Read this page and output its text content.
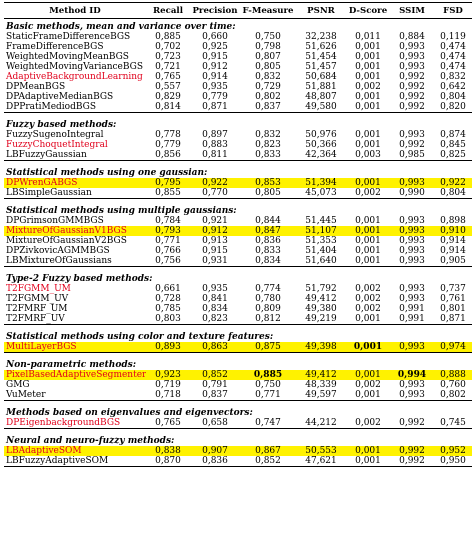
Method ID	Recall	Precision	F-Measure	PSNR	D-Score	SSIM	FSD
Basic methods, mean and variance over time:							
StaticFrameDifferenceBGS	0,885	0,660	0,750	32,238	0,011	0,884	0,119
FrameDifferenceBGS	0,702	0,925	0,798	51,626	0,001	0,993	0,474
WeightedMovingMeanBGS	0,723	0,915	0,807	51,454	0,001	0,993	0,474
WeightedMovingVarianceBGS	0,721	0,912	0,805	51,457	0,001	0,993	0,474
AdaptiveBackgroundLearning	0,765	0,914	0,832	50,684	0,001	0,992	0,832
DPMeanBGS	0,557	0,935	0,729	51,881	0,002	0,992	0,642
DPAdaptiveMedianBGS	0,829	0,779	0,802	48,807	0,001	0,992	0,804
DPPratiMediodBGS	0,814	0,871	0,837	49,580	0,001	0,992	0,820

Fuzzy based methods:							
FuzzySugenoIntegral	0,778	0,897	0,832	50,976	0,001	0,993	0,874
FuzzyChoquetIntegral	0,779	0,883	0,823	50,366	0,001	0,992	0,845
LBFuzzyGaussian	0,856	0,811	0,833	42,364	0,003	0,985	0,825

Statistical methods using one gaussian:							
DPWrenGABGS	0,795	0,922	0,853	51,394	0,001	0,993	0,922
LBSimpleGaussian	0,855	0,770	0,805	45,073	0,002	0,990	0,804

Statistical methods using multiple gaussians:							
DPGrimsonGMMBGS	0,784	0,921	0,844	51,445	0,001	0,993	0,898
MixtureOfGaussianV1BGS	0,793	0,912	0,847	51,107	0,001	0,993	0,910
MixtureOfGaussianV2BGS	0,771	0,913	0,836	51,353	0,001	0,993	0,914
DPZivkovicAGMMBGS	0,766	0,915	0,833	51,404	0,001	0,993	0,914
LBMixtureOfGaussians	0,756	0,931	0,834	51,640	0,001	0,993	0,905

Type-2 Fuzzy based methods:							
T2FGMM_UM	0,661	0,935	0,774	51,792	0,002	0,993	0,737
T2FGMM_UV	0,728	0,841	0,780	49,412	0,002	0,993	0,761
T2FMRF_UM	0,785	0,834	0,809	49,380	0,002	0,991	0,801
T2FMRF_UV	0,803	0,823	0,812	49,219	0,001	0,991	0,871

Statistical methods using color and texture features:							
MultiLayerBGS	0,893	0,863	0,875	49,398	0,001	0,993	0,974

Non-parametric methods:							
PixelBasedAdaptiveSegmenter	0,923	0,852	0,885	49,412	0,001	0,994	0,888
GMG	0,719	0,791	0,750	48,339	0,002	0,993	0,760
VuMeter	0,718	0,837	0,771	49,597	0,001	0,993	0,802

Methods based on eigenvalues and eigenvectors:							
DPEigenbackgroundBGS	0,765	0,658	0,747	44,212	0,002	0,992	0,745

Neural and neuro-fuzzy methods:							
LBAdaptiveSOM	0,838	0,907	0,867	50,553	0,001	0,992	0,952
LBFuzzyAdaptiveSOM	0,870	0,836	0,852	47,621	0,001	0,992	0,950
